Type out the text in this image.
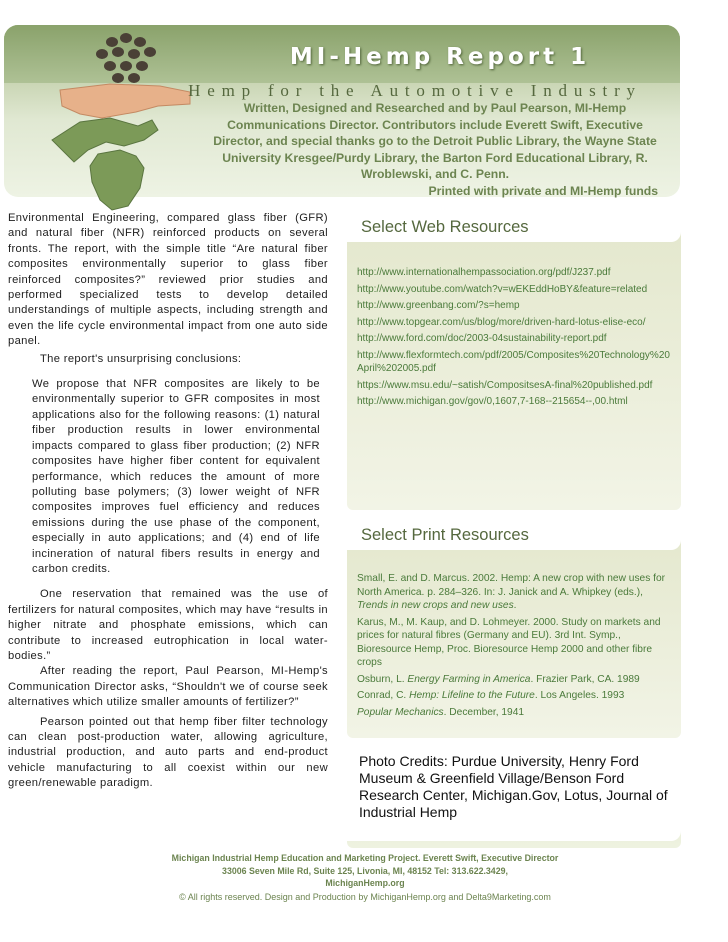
MI-Hemp Report 1
Hemp for the Automotive Industry
Written, Designed and Researched and by Paul Pearson, MI-Hemp Communications Director. Contributors include Everett Swift, Executive Director, and special thanks go to the Detroit Public Library, the Wayne State University Kresgee/Purdy Library, the Barton Ford Educational Library, R. Wroblewski, and C. Penn.
Printed with private and MI-Hemp funds

Environmental Engineering, compared glass fiber (GFR) and natural fiber (NFR) reinforced products on several fronts. The report, with the simple title “Are natural fiber composites environmentally superior to glass fiber reinforced composites?” reviewed prior studies and performed specialized tests to develop detailed understandings of multiple aspects, including strength and even the life cycle environmental impact from one auto side panel.

The report's unsurprising conclusions:

We propose that NFR composites are likely to be environmentally superior to GFR composites in most applications also for the following reasons: (1) natural fiber production results in lower environmental impacts compared to glass fiber production; (2) NFR composites have higher fiber content for equivalent performance, which reduces the amount of more polluting base polymers; (3) lower weight of NFR composites improves fuel efficiency and reduces emissions during the use phase of the component, especially in auto applications; and (4) end of life incineration of natural fibers results in energy and carbon credits.

One reservation that remained was the use of fertilizers for natural composites, which may have “results in higher nitrate and phosphate emissions, which can contribute to increased eutrophication in local water-bodies.”

After reading the report, Paul Pearson, MI-Hemp's Communication Director asks, “Shouldn't we of course seek alternatives which utilize smaller amounts of fertilizer?”

Pearson pointed out that hemp fiber filter technology can clean post-production water, allowing agriculture, industrial production, and auto parts and end-product vehicle manufacturing to all coexist within our new green/renewable paradigm.

Select Web Resources
http://www.internationalhempassociation.org/pdf/J237.pdf
http://www.youtube.com/watch?v=wEKEddHoBY&feature=related
http://www.greenbang.com/?s=hemp
http://www.topgear.com/us/blog/more/driven-hard-lotus-elise-eco/
http://www.ford.com/doc/2003-04sustainability-report.pdf
http://www.flexformtech.com/pdf/2005/Composites%20Technology%20April%202005.pdf
https://www.msu.edu/~satish/CompositsesA-final%20published.pdf
http://www.michigan.gov/gov/0,1607,7-168--215654--,00.html
Select Print Resources
Small, E. and D. Marcus. 2002. Hemp: A new crop with new uses for North America. p. 284–326. In: J. Janick and A. Whipkey (eds.), Trends in new crops and new uses.
Karus, M., M. Kaup, and D. Lohmeyer. 2000. Study on markets and prices for natural fibres (Germany and EU). 3rd Int. Symp., Bioresource Hemp, Proc. Bioresource Hemp 2000 and other fibre crops
Osburn, L. Energy Farming in America. Frazier Park, CA. 1989
Conrad, C. Hemp: Lifeline to the Future. Los Angeles. 1993
Popular Mechanics. December, 1941
Photo Credits: Purdue University, Henry Ford Museum & Greenfield Village/Benson Ford Research Center, Michigan.Gov, Lotus, Journal of Industrial Hemp
Michigan Industrial Hemp Education and Marketing Project. Everett Swift, Executive Director
33006 Seven Mile Rd, Suite 125, Livonia, MI, 48152 Tel: 313.622.3429,
MichiganHemp.org
© All rights reserved. Design and Production by MichiganHemp.org and Delta9Marketing.com
